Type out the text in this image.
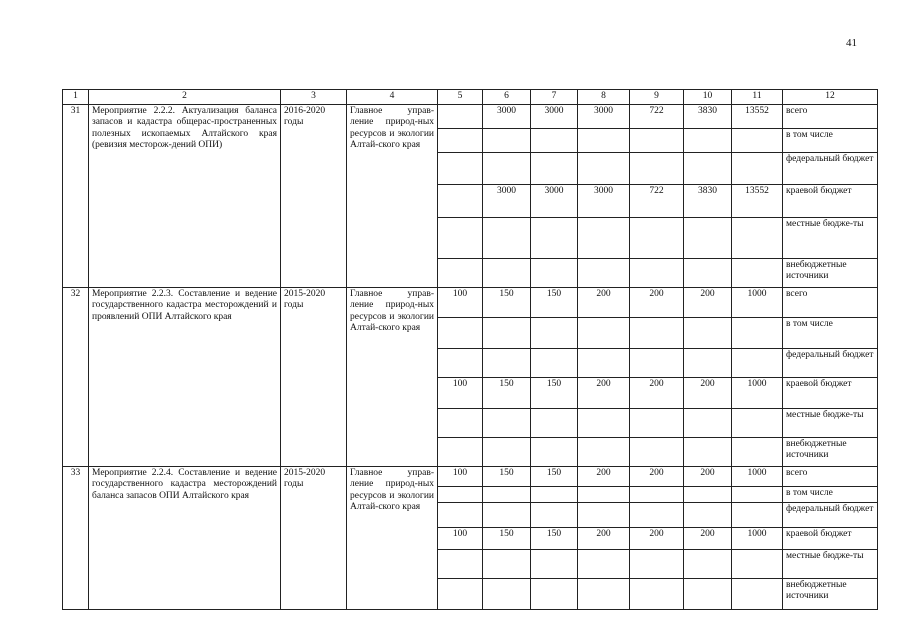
41
1	2	3	4	5	6	7	8	9	10	11	12
31	Мероприятие 2.2.2. Актуализация баланса запасов и кадастра общерас-пространенных полезных ископаемых Алтайского края (ревизия месторож-дений ОПИ)	2016-2020 годы	Главное управ-ление природ-ных ресурсов и экологии Алтай-ского края		3000	3000	3000	722	3830	13552	всего
											в том числе
											федеральный бюджет
					3000	3000	3000	722	3830	13552	краевой бюджет
											местные бюдже-ты
											внебюджетные источники
32	Мероприятие 2.2.3. Составление и ведение государственного кадастра месторождений и проявлений ОПИ Алтайского края	2015-2020 годы	Главное управ-ление природ-ных ресурсов и экологии Алтай-ского края	100	150	150	200	200	200	1000	всего
											в том числе
											федеральный бюджет
				100	150	150	200	200	200	1000	краевой бюджет
											местные бюдже-ты
											внебюджетные источники
33	Мероприятие 2.2.4. Составление и ведение государственного кадастра месторождений баланса запасов ОПИ Алтайского края	2015-2020 годы	Главное управ-ление природ-ных ресурсов и экологии Алтай-ского края	100	150	150	200	200	200	1000	всего
											в том числе
											федеральный бюджет
				100	150	150	200	200	200	1000	краевой бюджет
											местные бюдже-ты
											внебюджетные источники
